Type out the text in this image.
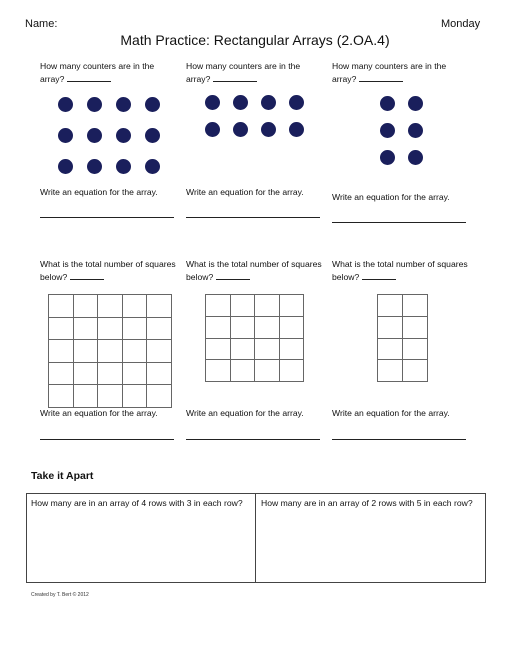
Name:	Monday
Math Practice: Rectangular Arrays (2.OA.4)
How many counters are in the array?
How many counters are in the array?
How many counters are in the array?
Write an equation for the array.	Write an equation for the array.	Write an equation for the array.
What is the total number of squares below?
What is the total number of squares below?
What is the total number of squares below?

Write an equation for the array.	Write an equation for the array.	Write an equation for the array.
Take it Apart
How many are in an array of 4 rows with 3 in each row?	How many are in an array of 2 rows with 5 in each row?
Created by T. Bert © 2012
